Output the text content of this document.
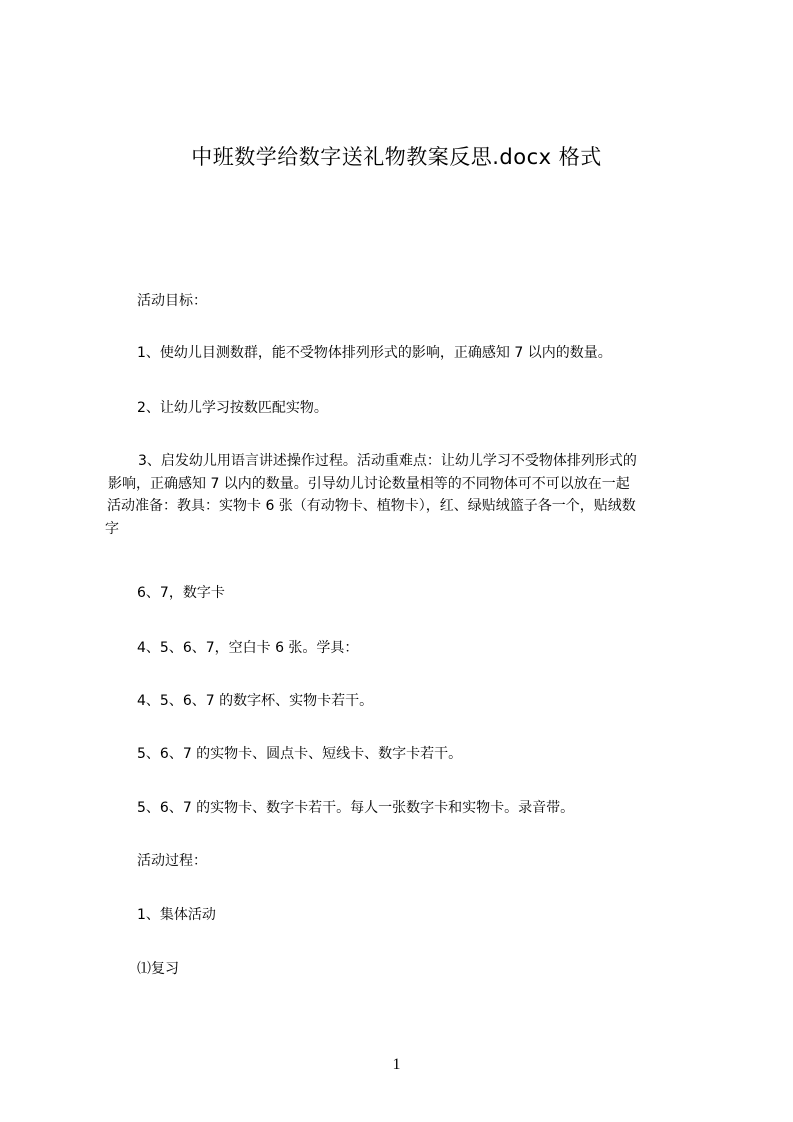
中班数学给数字送礼物教案反思.docx 格式
活动目标：
1、使幼儿目测数群，能不受物体排列形式的影响，正确感知 7 以内的数量。
2、让幼儿学习按数匹配实物。
3、启发幼儿用语言讲述操作过程。活动重难点：让幼儿学习不受物体排列形式的
影响，正确感知 7 以内的数量。引导幼儿讨论数量相等的不同物体可不可以放在一起
活动准备：教具：实物卡 6 张（有动物卡、植物卡），红、绿贴绒篮子各一个，贴绒数
字
6、7，数字卡
4、5、6、7，空白卡 6 张。学具：
4、5、6、7 的数字杯、实物卡若干。
5、6、7 的实物卡、圆点卡、短线卡、数字卡若干。
5、6、7 的实物卡、数字卡若干。每人一张数字卡和实物卡。录音带。
活动过程：
1、集体活动
⑴复习
1
